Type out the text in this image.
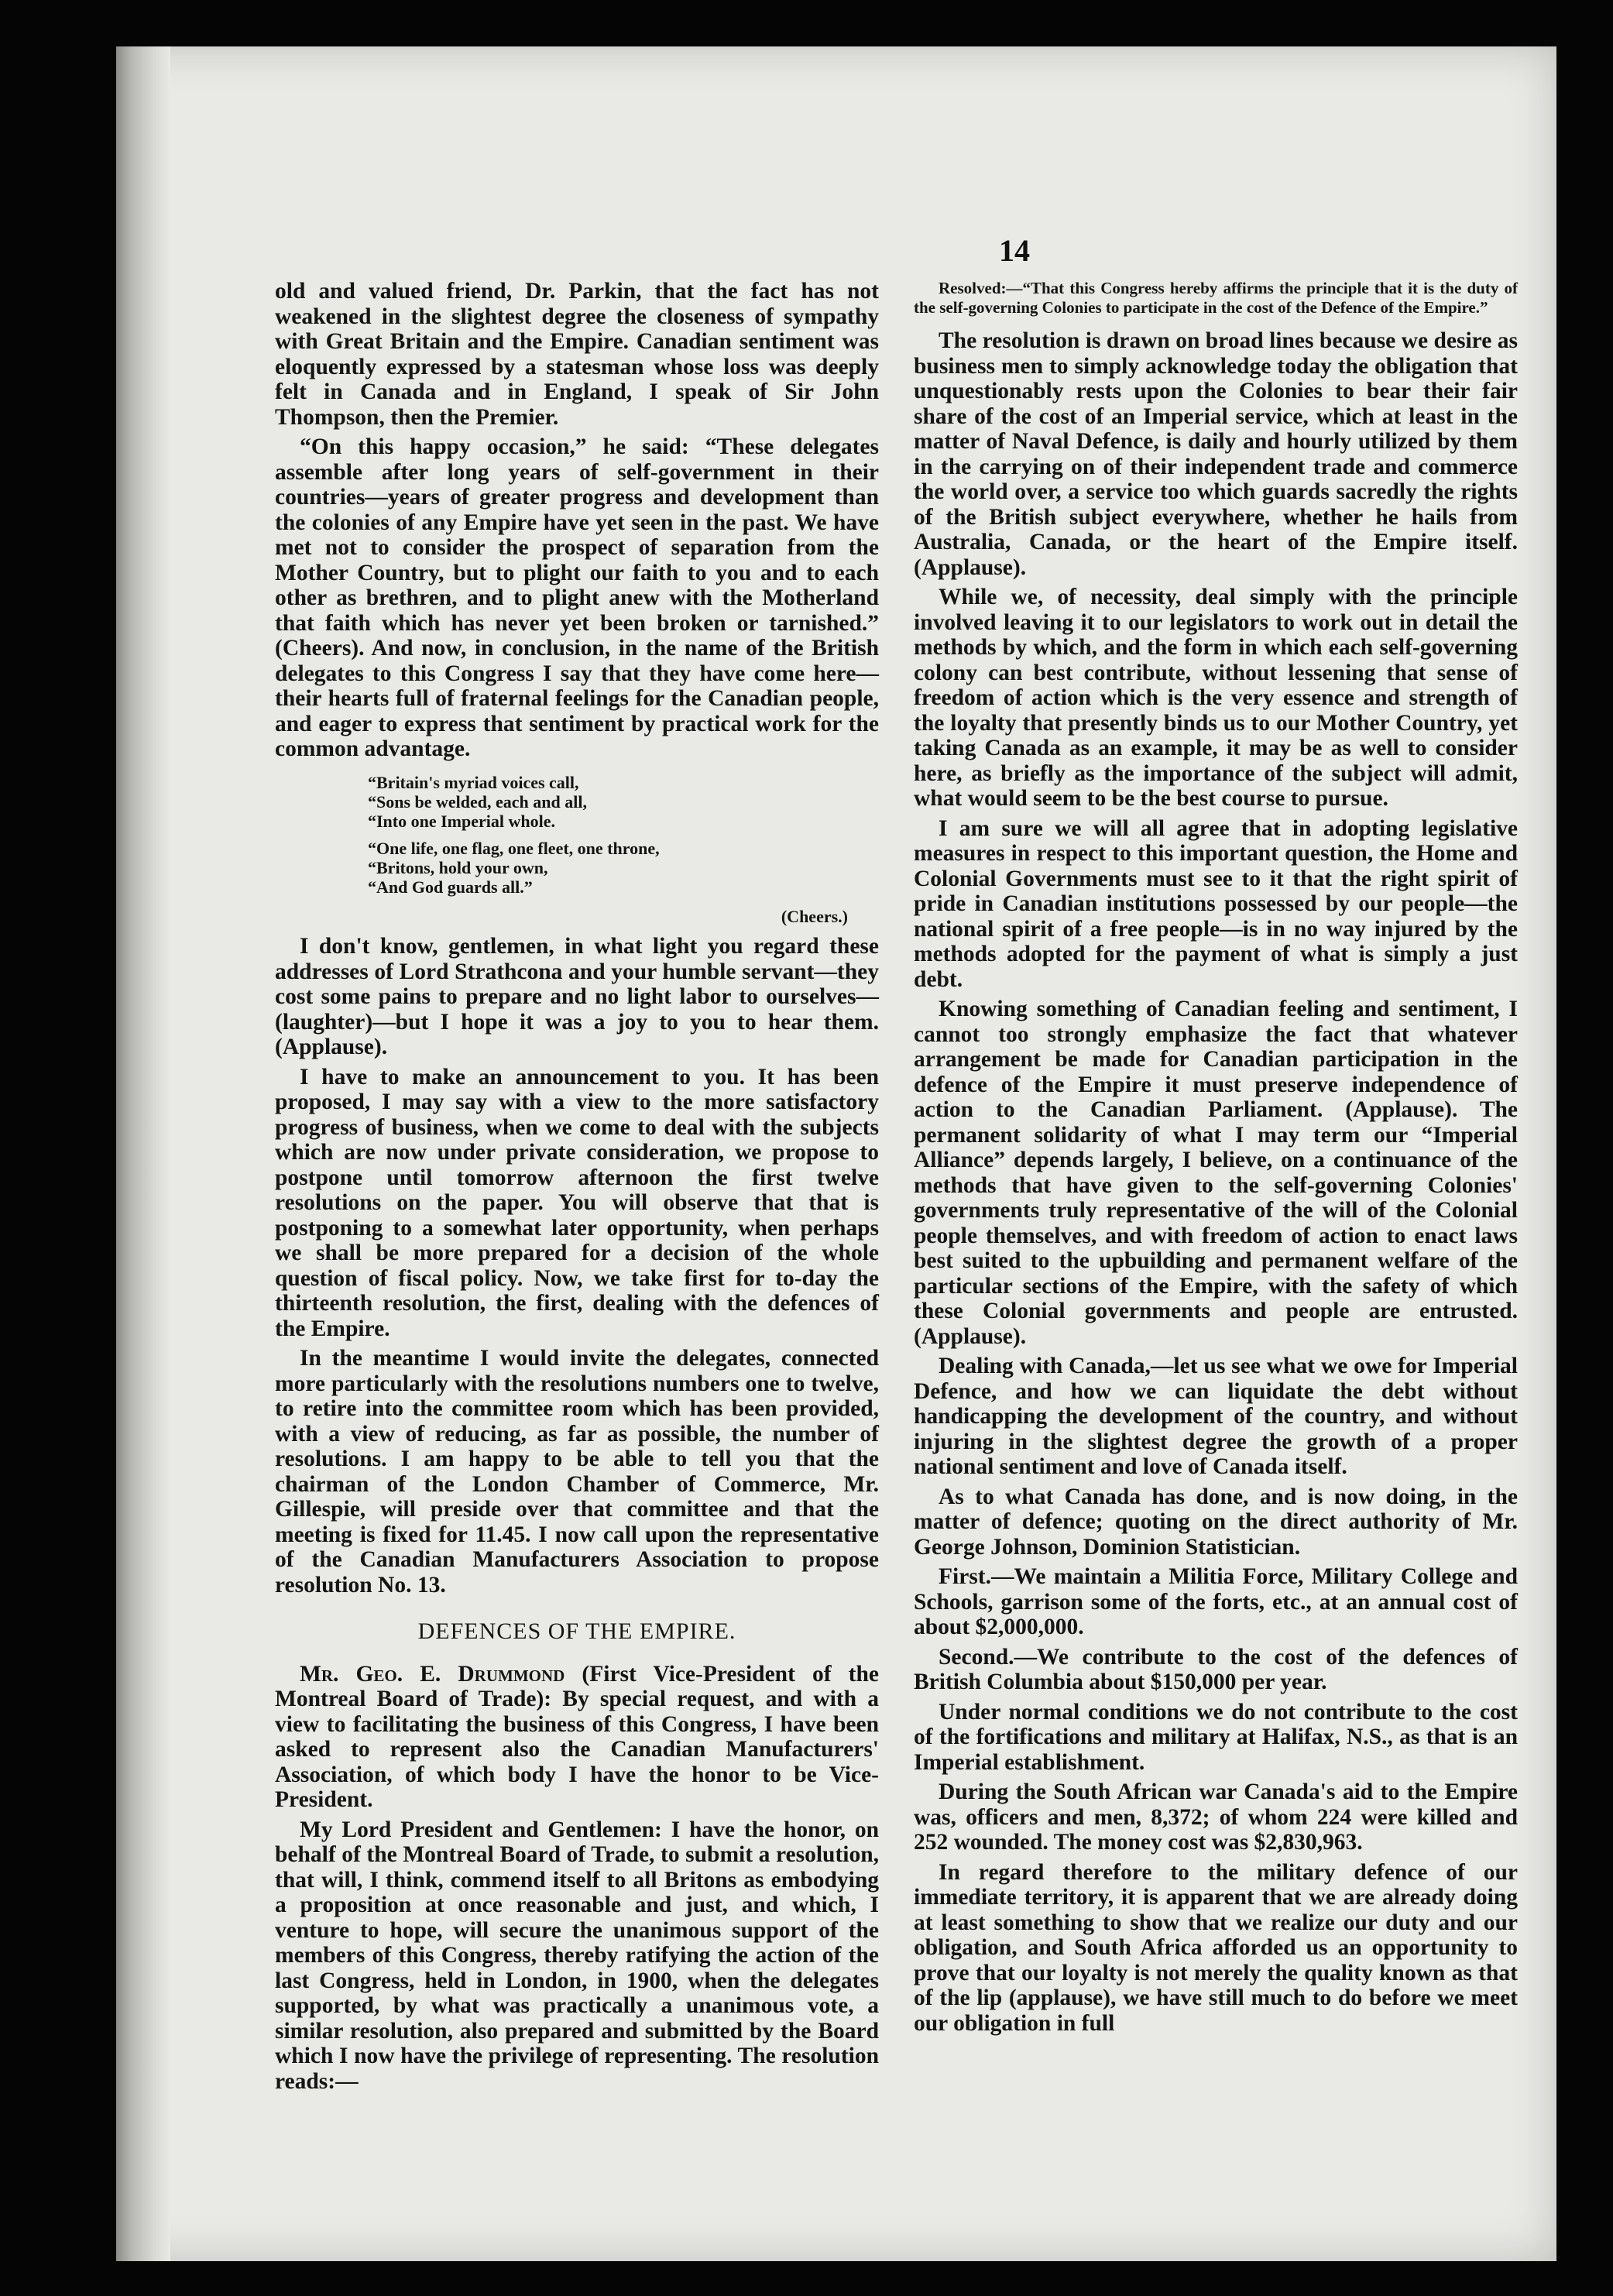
14

old and valued friend, Dr. Parkin, that the fact has not weakened in the slightest degree the closeness of sympathy with Great Britain and the Empire. Canadian sentiment was eloquently expressed by a statesman whose loss was deeply felt in Canada and in England, I speak of Sir John Thompson, then the Premier.

“On this happy occasion,” he said: “These delegates assemble after long years of self-government in their countries—years of greater progress and development than the colonies of any Empire have yet seen in the past. We have met not to consider the prospect of separation from the Mother Country, but to plight our faith to you and to each other as brethren, and to plight anew with the Motherland that faith which has never yet been broken or tarnished.” (Cheers). And now, in conclusion, in the name of the British delegates to this Congress I say that they have come here—their hearts full of fraternal feelings for the Canadian people, and eager to express that sentiment by practical work for the common advantage.

“Britain's myriad voices call,
“Sons be welded, each and all,
“Into one Imperial whole.
“One life, one flag, one fleet, one throne,
“Britons, hold your own,
“And God guards all.”
(Cheers.)

I don't know, gentlemen, in what light you regard these addresses of Lord Strathcona and your humble servant—they cost some pains to prepare and no light labor to ourselves—(laughter)—but I hope it was a joy to you to hear them. (Applause).

I have to make an announcement to you. It has been proposed, I may say with a view to the more satisfactory progress of business, when we come to deal with the subjects which are now under private consideration, we propose to postpone until tomorrow afternoon the first twelve resolutions on the paper. You will observe that that is postponing to a somewhat later opportunity, when perhaps we shall be more prepared for a decision of the whole question of fiscal policy. Now, we take first for to-day the thirteenth resolution, the first, dealing with the defences of the Empire.

In the meantime I would invite the delegates, connected more particularly with the resolutions numbers one to twelve, to retire into the committee room which has been provided, with a view of reducing, as far as possible, the number of resolutions. I am happy to be able to tell you that the chairman of the London Chamber of Commerce, Mr. Gillespie, will preside over that committee and that the meeting is fixed for 11.45. I now call upon the representative of the Canadian Manufacturers Association to propose resolution No. 13.

DEFENCES OF THE EMPIRE.

Mr. Geo. E. Drummond (First Vice-President of the Montreal Board of Trade): By special request, and with a view to facilitating the business of this Congress, I have been asked to represent also the Canadian Manufacturers' Association, of which body I have the honor to be Vice-President.

My Lord President and Gentlemen: I have the honor, on behalf of the Montreal Board of Trade, to submit a resolution, that will, I think, commend itself to all Britons as embodying a proposition at once reasonable and just, and which, I venture to hope, will secure the unanimous support of the members of this Congress, thereby ratifying the action of the last Congress, held in London, in 1900, when the delegates supported, by what was practically a unanimous vote, a similar resolution, also prepared and submitted by the Board which I now have the privilege of representing. The resolution reads:—

Resolved:—“That this Congress hereby affirms the principle that it is the duty of the self-governing Colonies to participate in the cost of the Defence of the Empire.”

The resolution is drawn on broad lines because we desire as business men to simply acknowledge today the obligation that unquestionably rests upon the Colonies to bear their fair share of the cost of an Imperial service, which at least in the matter of Naval Defence, is daily and hourly utilized by them in the carrying on of their independent trade and commerce the world over, a service too which guards sacredly the rights of the British subject everywhere, whether he hails from Australia, Canada, or the heart of the Empire itself. (Applause).

While we, of necessity, deal simply with the principle involved leaving it to our legislators to work out in detail the methods by which, and the form in which each self-governing colony can best contribute, without lessening that sense of freedom of action which is the very essence and strength of the loyalty that presently binds us to our Mother Country, yet taking Canada as an example, it may be as well to consider here, as briefly as the importance of the subject will admit, what would seem to be the best course to pursue.

I am sure we will all agree that in adopting legislative measures in respect to this important question, the Home and Colonial Governments must see to it that the right spirit of pride in Canadian institutions possessed by our people—the national spirit of a free people—is in no way injured by the methods adopted for the payment of what is simply a just debt.

Knowing something of Canadian feeling and sentiment, I cannot too strongly emphasize the fact that whatever arrangement be made for Canadian participation in the defence of the Empire it must preserve independence of action to the Canadian Parliament. (Applause). The permanent solidarity of what I may term our “Imperial Alliance” depends largely, I believe, on a continuance of the methods that have given to the self-governing Colonies' governments truly representative of the will of the Colonial people themselves, and with freedom of action to enact laws best suited to the upbuilding and permanent welfare of the particular sections of the Empire, with the safety of which these Colonial governments and people are entrusted. (Applause).

Dealing with Canada,—let us see what we owe for Imperial Defence, and how we can liquidate the debt without handicapping the development of the country, and without injuring in the slightest degree the growth of a proper national sentiment and love of Canada itself.

As to what Canada has done, and is now doing, in the matter of defence; quoting on the direct authority of Mr. George Johnson, Dominion Statistician.

First.—We maintain a Militia Force, Military College and Schools, garrison some of the forts, etc., at an annual cost of about $2,000,000.

Second.—We contribute to the cost of the defences of British Columbia about $150,000 per year.

Under normal conditions we do not contribute to the cost of the fortifications and military at Halifax, N.S., as that is an Imperial establishment.

During the South African war Canada's aid to the Empire was, officers and men, 8,372; of whom 224 were killed and 252 wounded. The money cost was $2,830,963.

In regard therefore to the military defence of our immediate territory, it is apparent that we are already doing at least something to show that we realize our duty and our obligation, and South Africa afforded us an opportunity to prove that our loyalty is not merely the quality known as that of the lip (applause), we have still much to do before we meet our obligation in full
